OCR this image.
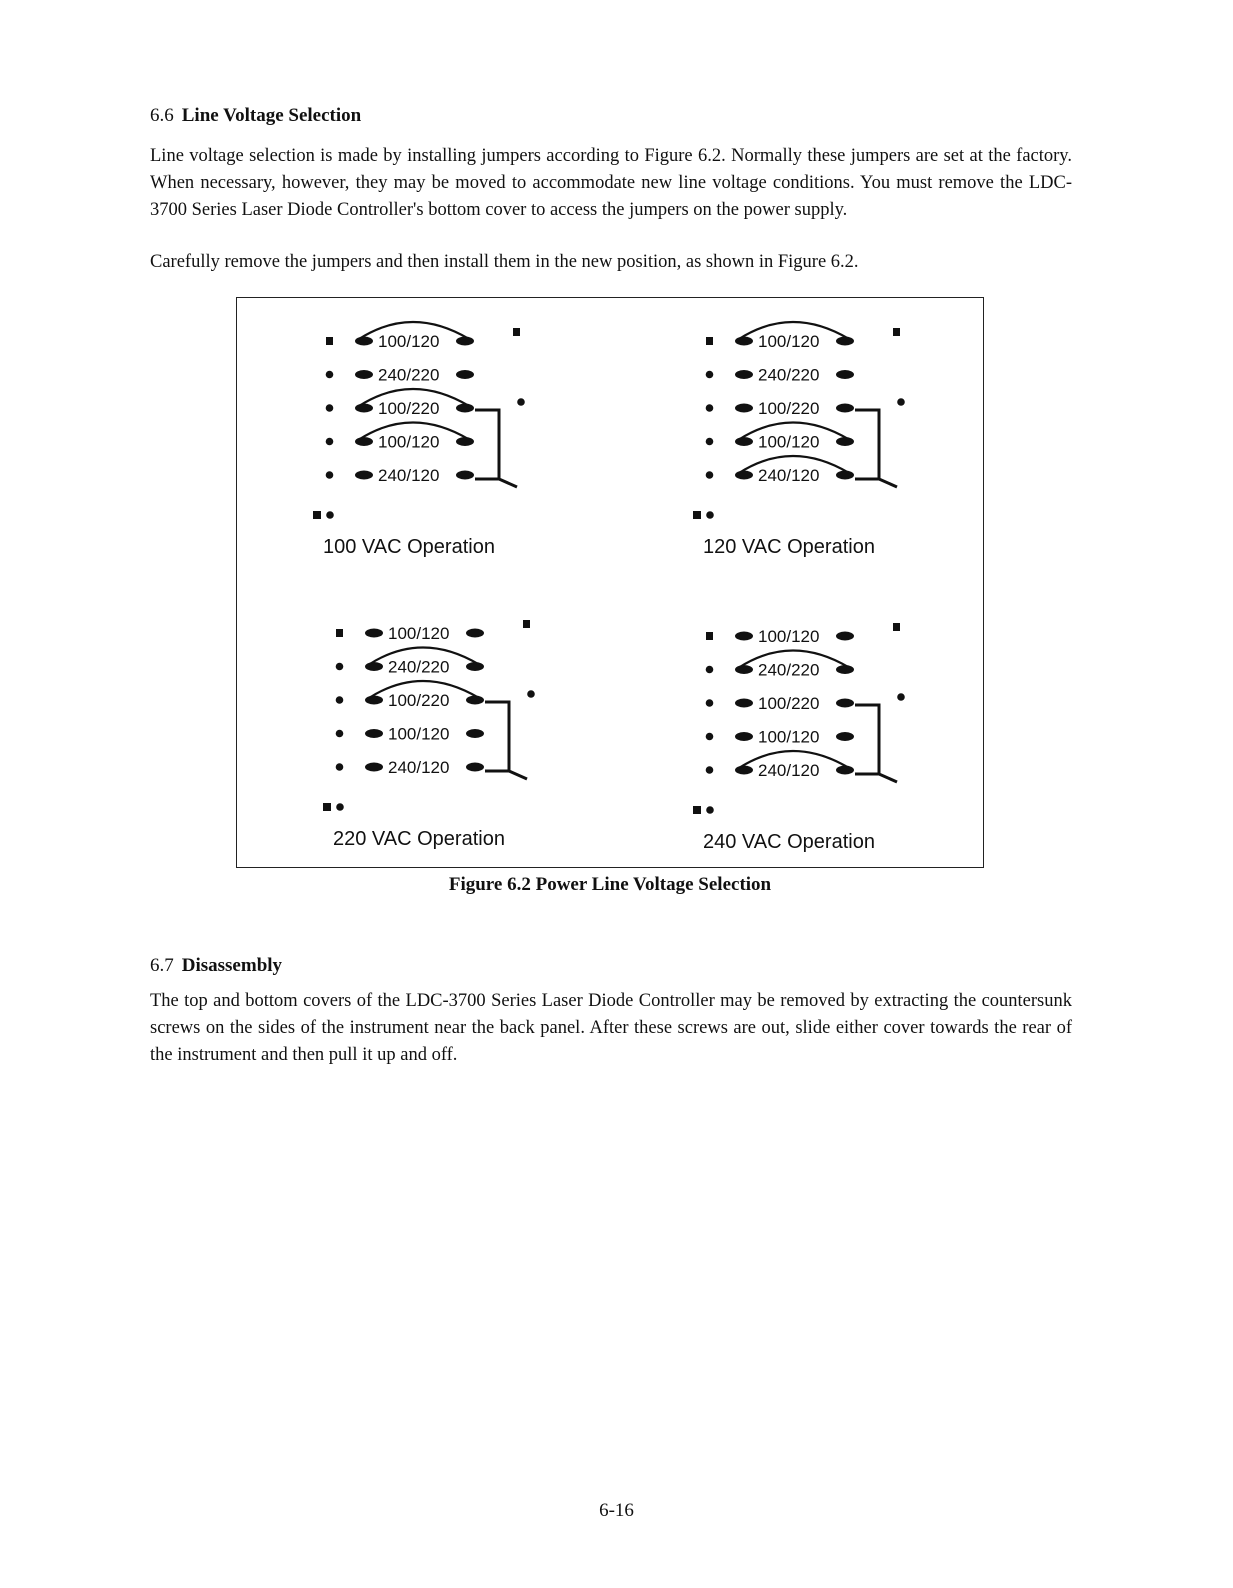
6.6 Line Voltage Selection

Line voltage selection is made by installing jumpers according to Figure 6.2. Normally these jumpers are set at the factory. When necessary, however, they may be moved to accommodate new line voltage conditions. You must remove the LDC-3700 Series Laser Diode Controller's bottom cover to access the jumpers on the power supply.

Carefully remove the jumpers and then install them in the new position, as shown in Figure 6.2.

100/120
240/220
100/220
100/120
240/120
100 VAC Operation
100/120
240/220
100/220
100/120
240/120
120 VAC Operation
100/120
240/220
100/220
100/120
240/120
220 VAC Operation
100/120
240/220
100/220
100/120
240/120
240 VAC Operation

Figure 6.2 Power Line Voltage Selection

6.7 Disassembly

The top and bottom covers of the LDC-3700 Series Laser Diode Controller may be removed by extracting the countersunk screws on the sides of the instrument near the back panel. After these screws are out, slide either cover towards the rear of the instrument and then pull it up and off.

6-16
